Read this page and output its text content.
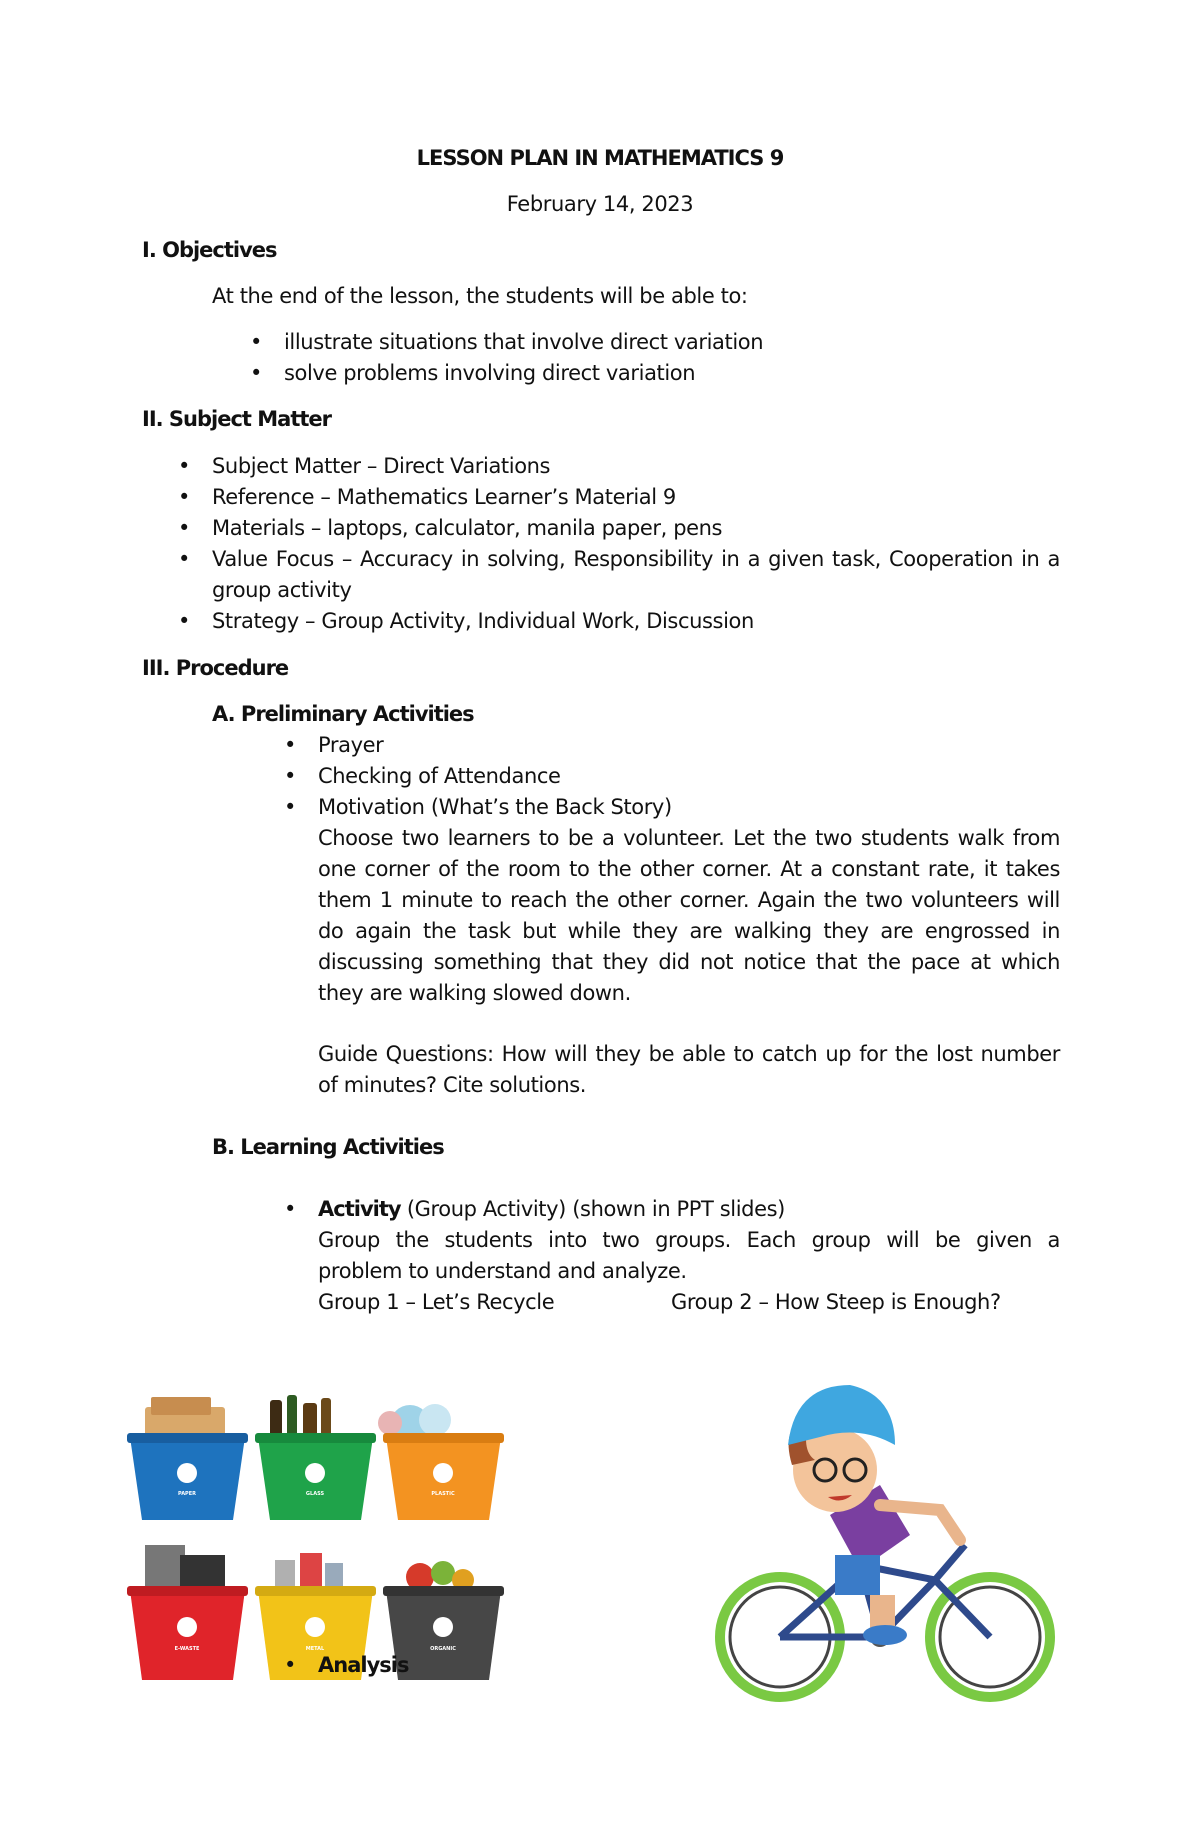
LESSON PLAN IN MATHEMATICS 9
February 14, 2023
I. Objectives
At the end of the lesson, the students will be able to:
• illustrate situations that involve direct variation
• solve problems involving direct variation
II. Subject Matter
• Subject Matter – Direct Variations
• Reference – Mathematics Learner’s Material 9
• Materials – laptops, calculator, manila paper, pens
• Value Focus – Accuracy in solving, Responsibility in a given task, Cooperation in a
group activity
• Strategy – Group Activity, Individual Work, Discussion
III. Procedure
A. Preliminary Activities
• Prayer
• Checking of Attendance
• Motivation (What’s the Back Story)
Choose two learners to be a volunteer. Let the two students walk from
one corner of the room to the other corner. At a constant rate, it takes
them 1 minute to reach the other corner. Again the two volunteers will
do again the task but while they are walking they are engrossed in
discussing something that they did not notice that the pace at which
they are walking slowed down.
Guide Questions: How will they be able to catch up for the lost number
of minutes? Cite solutions.
B. Learning Activities
• Activity (Group Activity) (shown in PPT slides)
Group the students into two groups. Each group will be given a
problem to understand and analyze.
Group 1 – Let’s Recycle	Group 2 – How Steep is Enough?
PAPER	GLASS	PLASTIC
E-WASTE	METAL	ORGANIC
• Analysis
